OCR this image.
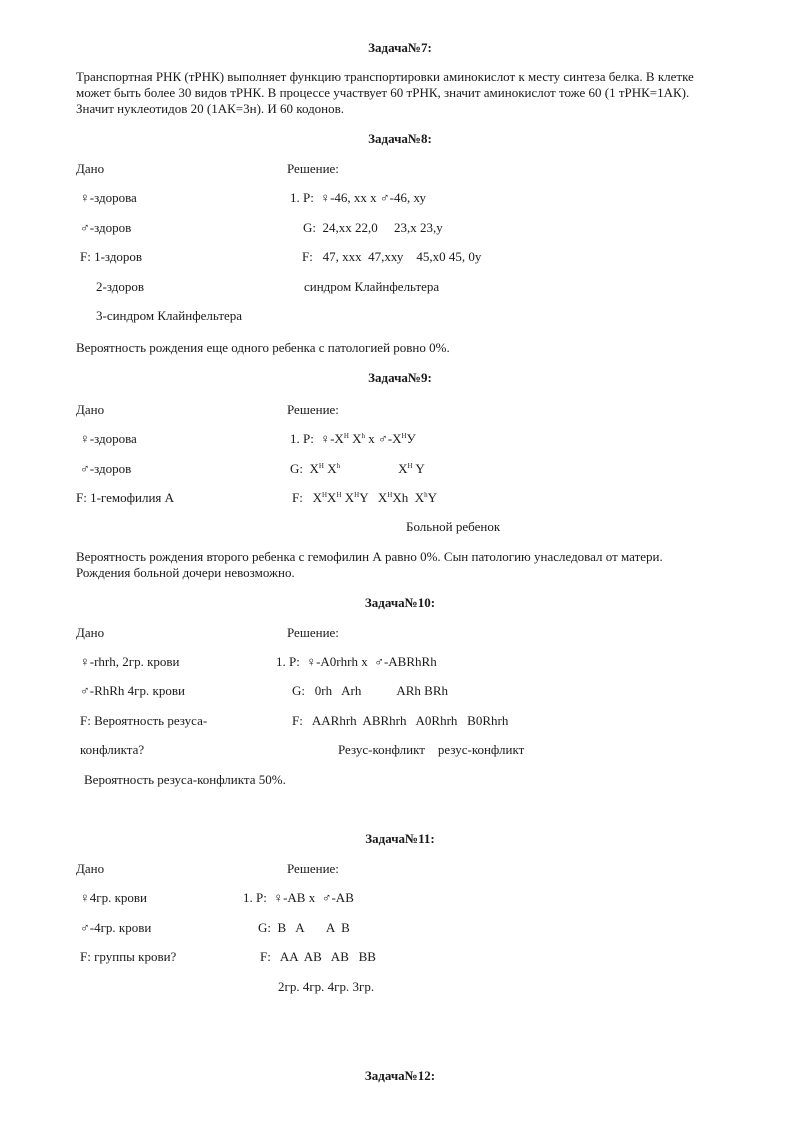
Задача№7:
Транспортная РНК (тРНК) выполняет функцию транспортировки аминокислот к месту синтеза белка. В клетке может быть более 30 видов тРНК. В процессе участвует 60 тРНК, значит аминокислот тоже 60 (1 тРНК=1АК). Значит нуклеотидов 20 (1АК=3н). И 60 кодонов.
Задача№8:
Дано	Решение:
♀-здорова	1. P:  ♀-46, хх х ♂-46, ху
♂-здоров	G:  24,хх 22,0     23,х 23,у
F: 1-здоров	F:   47, ххх  47,хху    45,х0 45, 0у
2-здоров	синдром Клайнфельтера
3-синдром Клайнфельтера
Вероятность рождения еще одного ребенка с патологией ровно 0%.
Задача№9:
Дано	Решение:
♀-здорова	1. P:  $♀-X^H$ $X^h$ х $♂-X^HУ$
♂-здоров	G:  $X^H$ $X^h$	$X^H$ Y
F: 1-гемофилия А	F:   $X^HX^H$ $X^HY$   $X^HXh$  $X^hY$
Больной ребенок
Вероятность рождения второго ребенка с гемофилин А равно 0%. Сын патологию унаследовал от матери.
Рождения больной дочери невозможно.
Задача№10:
Дано	Решение:
♀-rhrh, 2гр. крови	1. P:  ♀-A0rhrh х  ♂-ABRhRh
♂-RhRh 4гр. крови	G:   0rh   Arh           ARh BRh
F: Вероятность резуса-	F:   AARhrh  ABRhrh   A0Rhrh   B0Rhrh
конфликта?	Резус-конфликт    резус-конфликт
Вероятность резуса-конфликта 50%.
Задача№11:
Дано	Решение:
♀4гр. крови	1. P:  ♀-AB х  ♂-AB
♂-4гр. крови	G:  B   A       A  B
F: группы крови?	F:   AA  AB   AB   BB
2гр. 4гр. 4гр. 3гр.
Задача№12:
